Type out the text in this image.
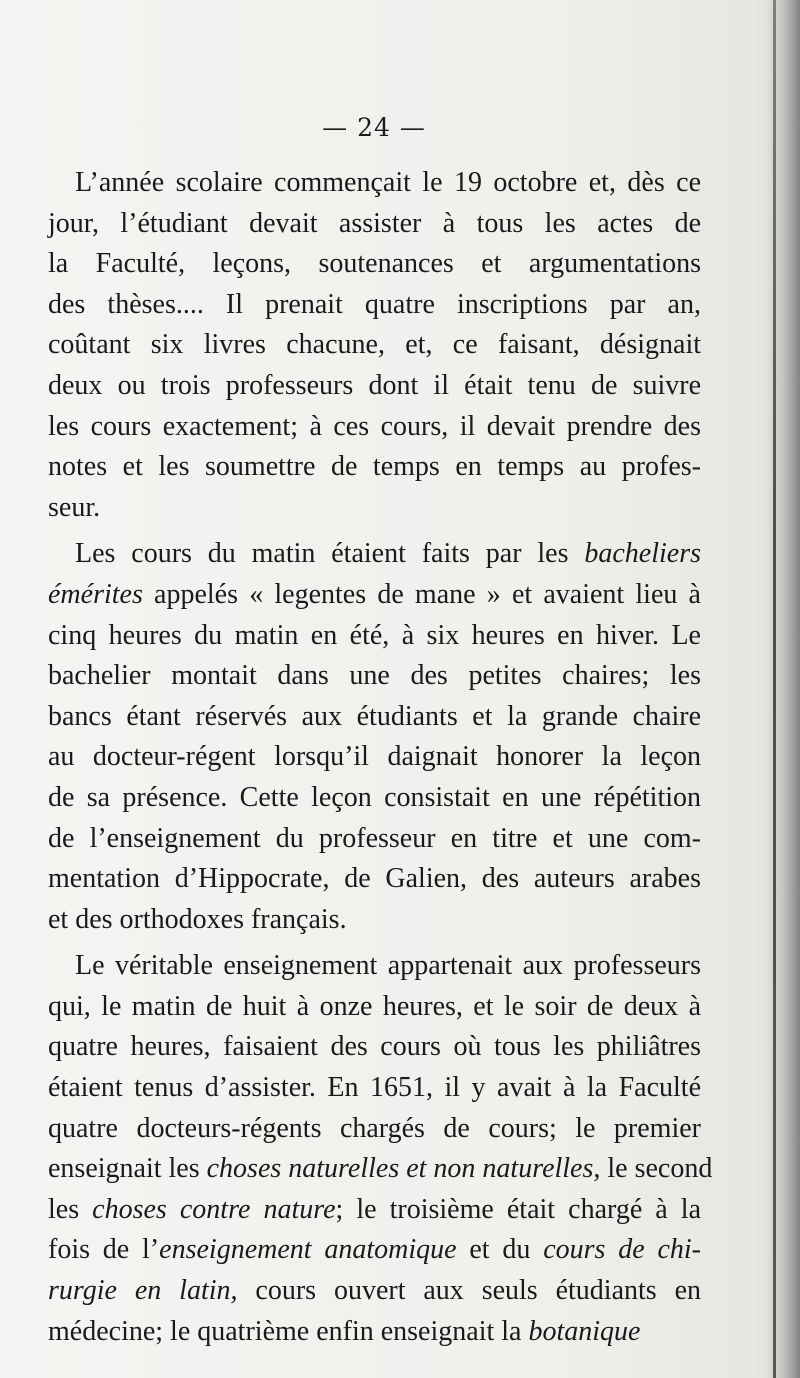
— 24 —

L’année scolaire commençait le 19 octobre et, dès ce
jour, l’étudiant devait assister à tous les actes de
la Faculté, leçons, soutenances et argumentations
des thèses.... Il prenait quatre inscriptions par an,
coûtant six livres chacune, et, ce faisant, désignait
deux ou trois professeurs dont il était tenu de suivre
les cours exactement; à ces cours, il devait prendre des
notes et les soumettre de temps en temps au profes-
seur.

Les cours du matin étaient faits par les bacheliers
émérites appelés « legentes de mane » et avaient lieu à
cinq heures du matin en été, à six heures en hiver. Le
bachelier montait dans une des petites chaires; les
bancs étant réservés aux étudiants et la grande chaire
au docteur-régent lorsqu’il daignait honorer la leçon
de sa présence. Cette leçon consistait en une répétition
de l’enseignement du professeur en titre et une com-
mentation d’Hippocrate, de Galien, des auteurs arabes
et des orthodoxes français.

Le véritable enseignement appartenait aux professeurs
qui, le matin de huit à onze heures, et le soir de deux à
quatre heures, faisaient des cours où tous les philiâtres
étaient tenus d’assister. En 1651, il y avait à la Faculté
quatre docteurs-régents chargés de cours; le premier
enseignait les choses naturelles et non naturelles, le second
les choses contre nature; le troisième était chargé à la
fois de l’enseignement anatomique et du cours de chi-
rurgie en latin, cours ouvert aux seuls étudiants en
médecine; le quatrième enfin enseignait la botanique
